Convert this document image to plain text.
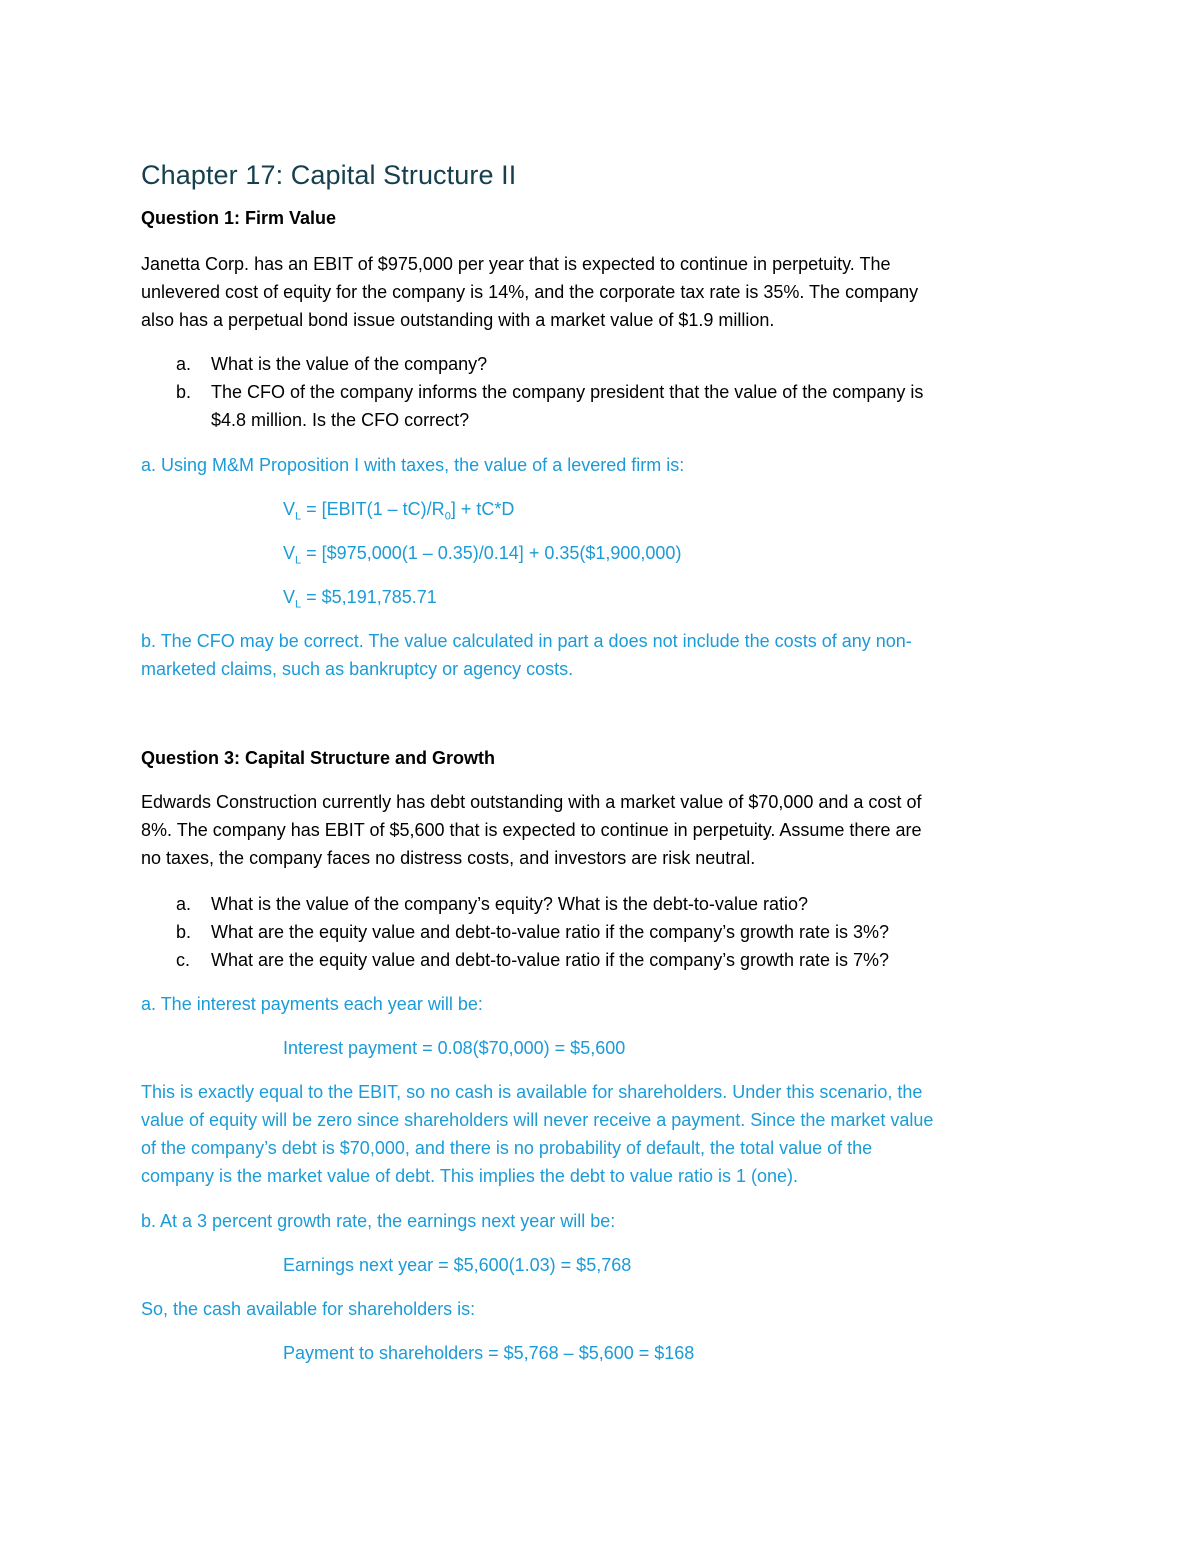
Chapter 17: Capital Structure II
Question 1: Firm Value
Janetta Corp. has an EBIT of $975,000 per year that is expected to continue in perpetuity. The
unlevered cost of equity for the company is 14%, and the corporate tax rate is 35%. The company
also has a perpetual bond issue outstanding with a market value of $1.9 million.
a. What is the value of the company?
b. The CFO of the company informs the company president that the value of the company is
$4.8 million. Is the CFO correct?
a. Using M&M Proposition I with taxes, the value of a levered firm is:
$V_L$ = [EBIT(1 – $tC)/R_0] + tC*D$
$V_L$ = [$975,000(1 – 0.35)/0.14] + 0.35($1,900,000)
$V_L$ = $5,191,785.71
b. The CFO may be correct. The value calculated in part a does not include the costs of any non-
marketed claims, such as bankruptcy or agency costs.
Question 3: Capital Structure and Growth
Edwards Construction currently has debt outstanding with a market value of $70,000 and a cost of
8%. The company has EBIT of $5,600 that is expected to continue in perpetuity. Assume there are
no taxes, the company faces no distress costs, and investors are risk neutral.
a. What is the value of the company’s equity? What is the debt-to-value ratio?
b. What are the equity value and debt-to-value ratio if the company’s growth rate is 3%?
c. What are the equity value and debt-to-value ratio if the company’s growth rate is 7%?
a. The interest payments each year will be:
Interest payment = 0.08($70,000) = $5,600
This is exactly equal to the EBIT, so no cash is available for shareholders. Under this scenario, the
value of equity will be zero since shareholders will never receive a payment. Since the market value
of the company’s debt is $70,000, and there is no probability of default, the total value of the
company is the market value of debt. This implies the debt to value ratio is 1 (one).
b. At a 3 percent growth rate, the earnings next year will be:
Earnings next year = $5,600(1.03) = $5,768
So, the cash available for shareholders is:
Payment to shareholders = $5,768 – $5,600 = $168
